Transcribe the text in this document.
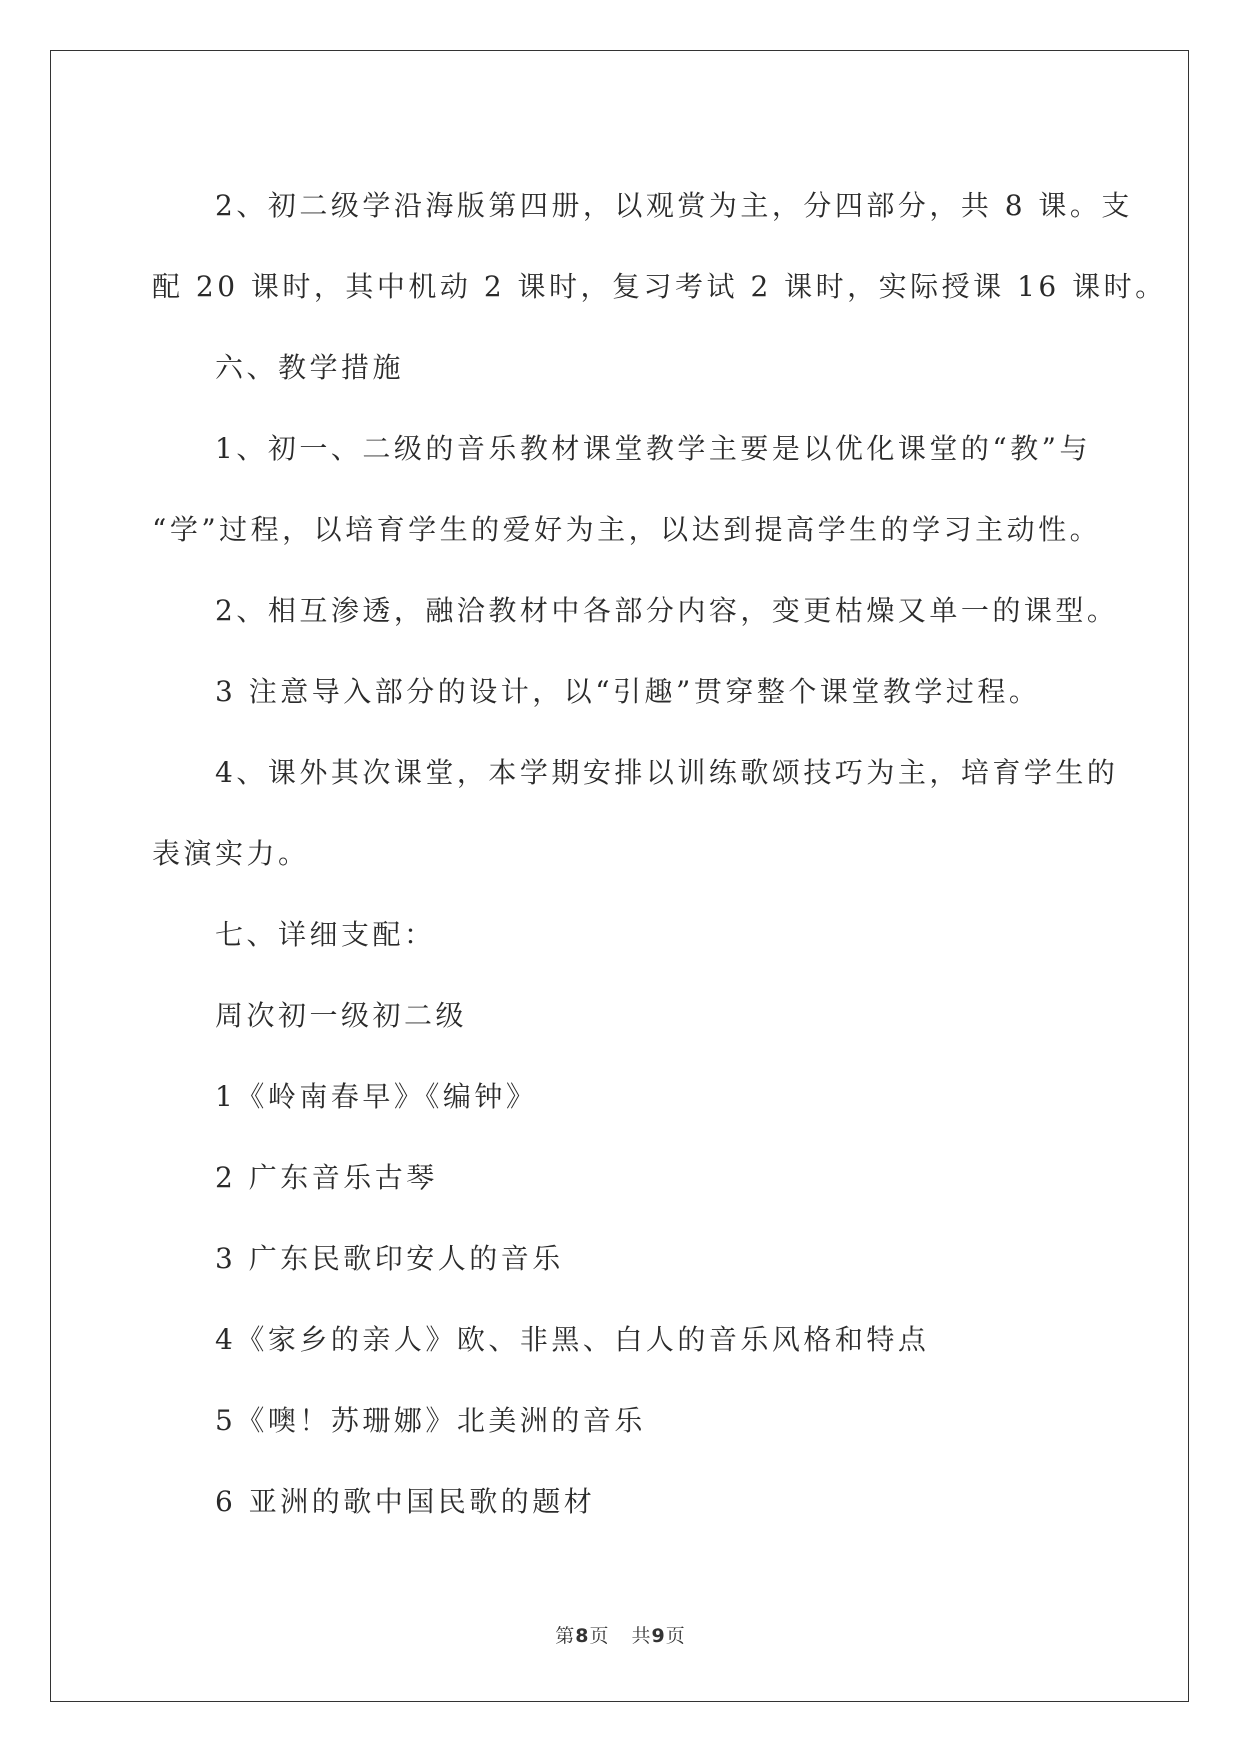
2、初二级学沿海版第四册，以观赏为主，分四部分，共 8 课。支

配 20 课时，其中机动 2 课时，复习考试 2 课时，实际授课 16 课时。

六、教学措施

1、初一、二级的音乐教材课堂教学主要是以优化课堂的“教”与

“学”过程，以培育学生的爱好为主，以达到提高学生的学习主动性。

2、相互渗透，融洽教材中各部分内容，变更枯燥又单一的课型。

3 注意导入部分的设计，以“引趣”贯穿整个课堂教学过程。

4、课外其次课堂，本学期安排以训练歌颂技巧为主，培育学生的

表演实力。

七、详细支配：

周次初一级初二级

1《岭南春早》《编钟》

2 广东音乐古琴

3 广东民歌印安人的音乐

4《家乡的亲人》欧、非黑、白人的音乐风格和特点

5《噢！苏珊娜》北美洲的音乐

6 亚洲的歌中国民歌的题材

第8页 共9页
